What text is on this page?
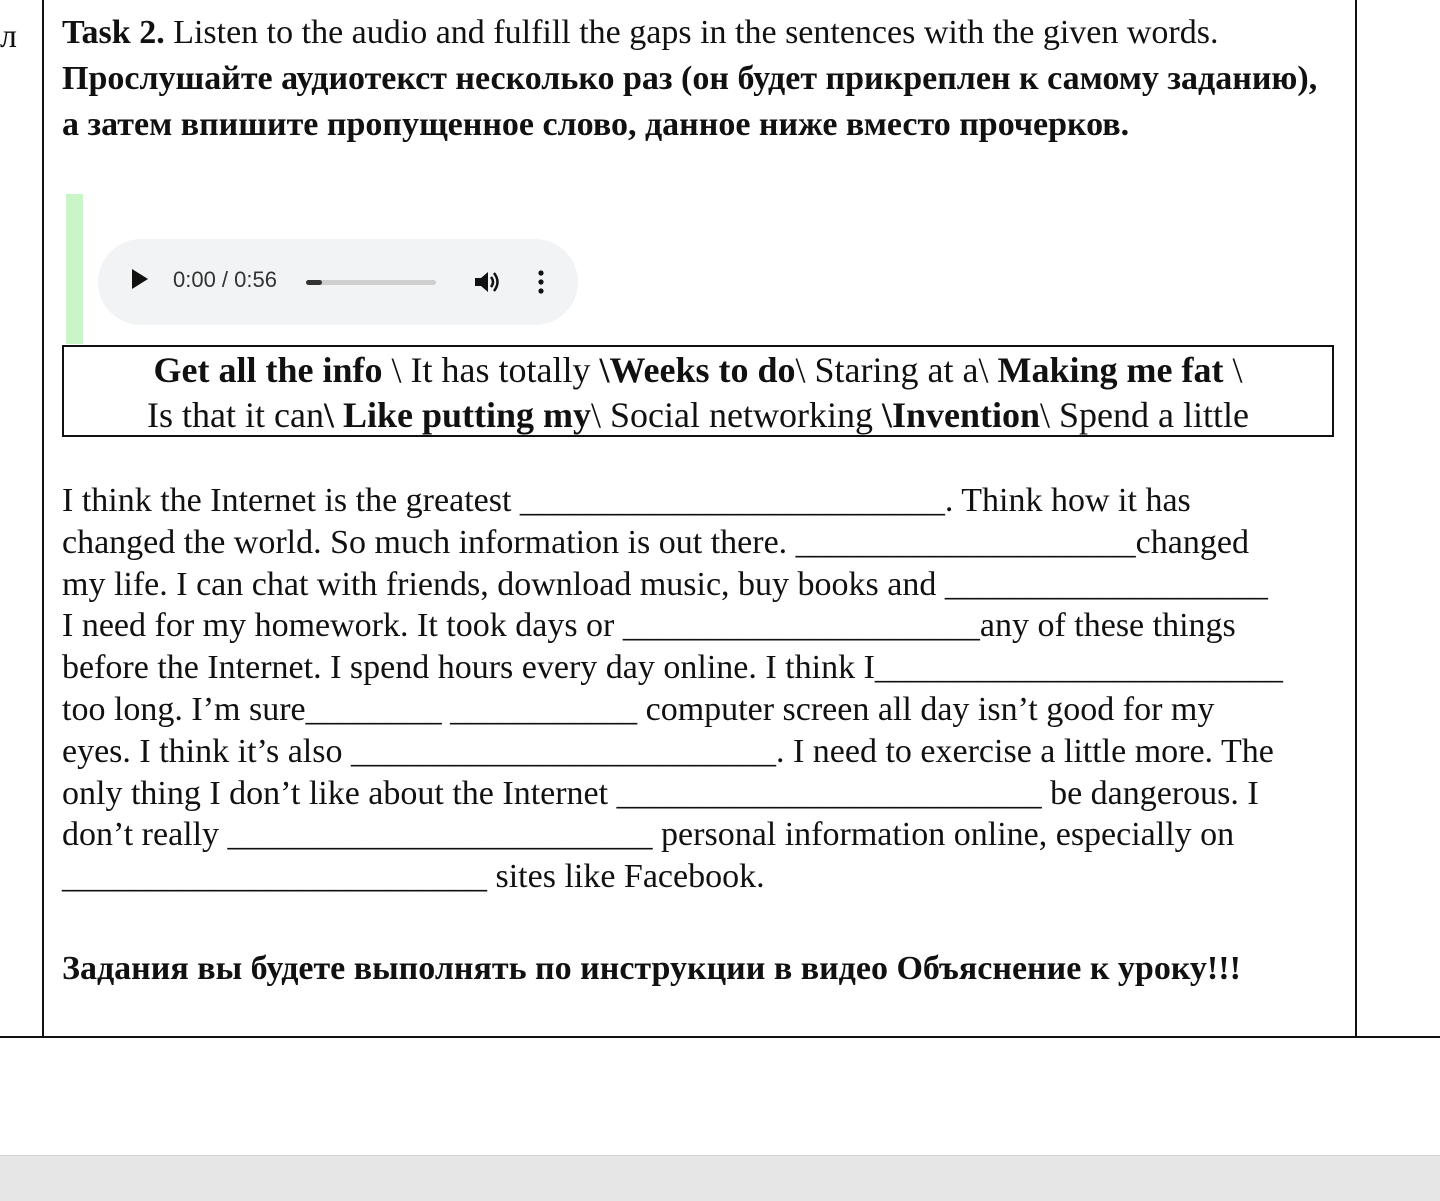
л Task 2. Listen to the audio and fulfill the gaps in the sentences with the given words. Прослушайте аудиотекст несколько раз (он будет прикреплен к самому заданию), а затем впишите пропущенное слово, данное ниже вместо прочерков.

0:00 / 0:56
Get all the info \ It has totally \Weeks to do\ Staring at a\ Making me fat \
Is that it can\ Like putting my\ Social networking \Invention\ Spend a little
I think the Internet is the greatest _________________________. Think how it has
changed the world. So much information is out there. ____________________changed
my life. I can chat with friends, download music, buy books and ___________________
I need for my homework. It took days or _____________________any of these things
before the Internet. I spend hours every day online. I think I________________________
too long. I’m sure________ ___________ computer screen all day isn’t good for my
eyes. I think it’s also _________________________. I need to exercise a little more. The
only thing I don’t like about the Internet _________________________ be dangerous. I
don’t really _________________________ personal information online, especially on
_________________________ sites like Facebook.
Задания вы будете выполнять по инструкции в видео Объяснение к уроку!!!
